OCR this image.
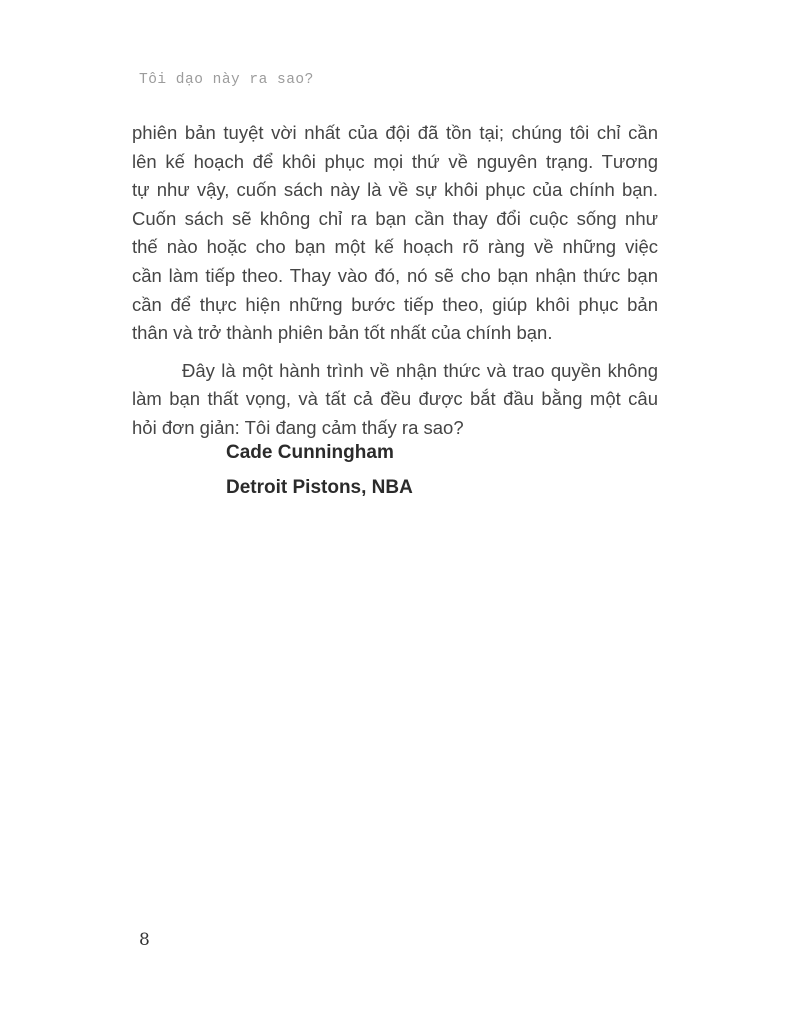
Tôi dạo này ra sao?

phiên bản tuyệt vời nhất của đội đã tồn tại; chúng tôi chỉ cần

lên kế hoạch để khôi phục mọi thứ về nguyên trạng. Tương

tự như vậy, cuốn sách này là về sự khôi phục của chính bạn.

Cuốn sách sẽ không chỉ ra bạn cần thay đổi cuộc sống như

thế nào hoặc cho bạn một kế hoạch rõ ràng về những việc

cần làm tiếp theo. Thay vào đó, nó sẽ cho bạn nhận thức bạn

cần để thực hiện những bước tiếp theo, giúp khôi phục bản

thân và trở thành phiên bản tốt nhất của chính bạn.

Đây là một hành trình về nhận thức và trao quyền không

làm bạn thất vọng, và tất cả đều được bắt đầu bằng một câu

hỏi đơn giản: Tôi đang cảm thấy ra sao?

Cade Cunningham
Detroit Pistons, NBA
8
